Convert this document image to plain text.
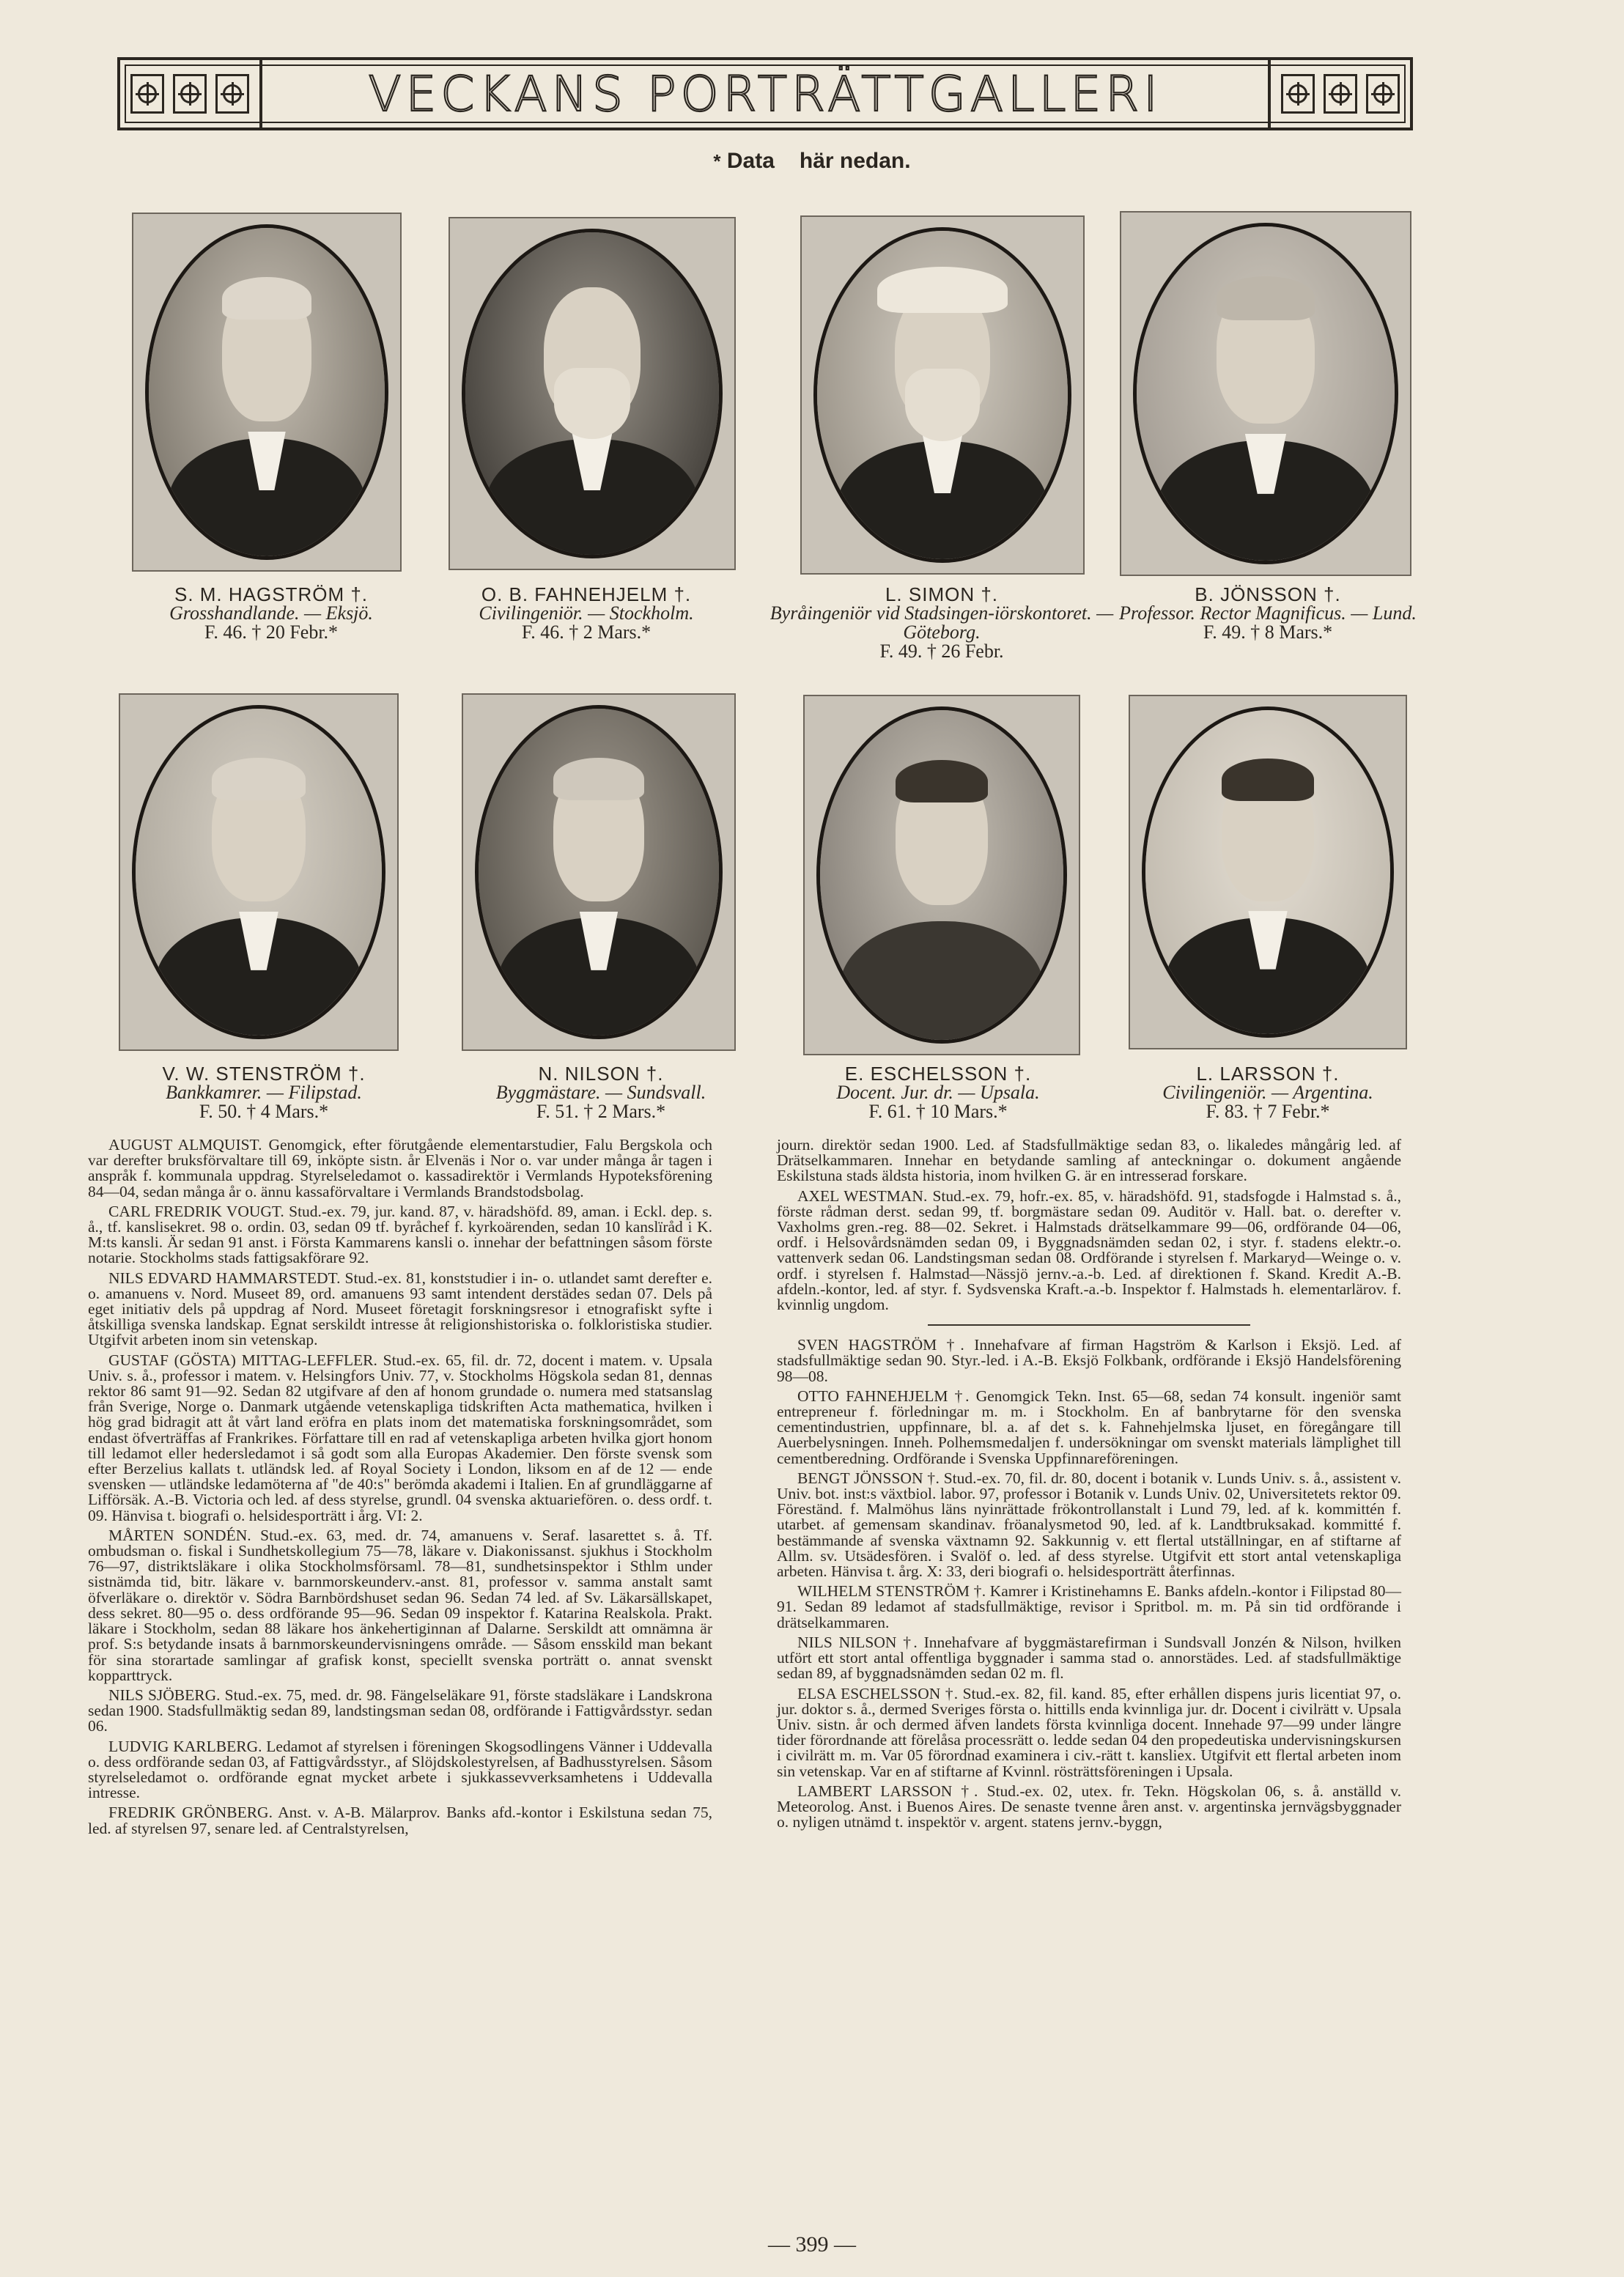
VECKANS PORTRÄTTGALLERI
* Data här nedan.
S. M. HAGSTRÖM †.
Grosshandlande. — Eksjö.
F. 46. † 20 Febr.*
O. B. FAHNEHJELM †.
Civilingeniör. — Stockholm.
F. 46. † 2 Mars.*
L. SIMON †.
Byråingeniör vid Stadsingen-iörskontoret. — Göteborg.
F. 49. † 26 Febr.
B. JÖNSSON †.
Professor. Rector Magnificus. — Lund.
F. 49. † 8 Mars.*
V. W. STENSTRÖM †.
Bankkamrer. — Filipstad.
F. 50. † 4 Mars.*
N. NILSON †.
Byggmästare. — Sundsvall.
F. 51. † 2 Mars.*
E. ESCHELSSON †.
Docent. Jur. dr. — Upsala.
F. 61. † 10 Mars.*
L. LARSSON †.
Civilingeniör. — Argentina.
F. 83. † 7 Febr.*

AUGUST ALMQUIST. Genomgick, efter förutgående elementarstudier, Falu Bergskola och var derefter bruksförvaltare till 69, inköpte sistn. år Elvenäs i Nor o. var under många år tagen i anspråk f. kommunala uppdrag. Styrelseledamot o. kassadirektör i Vermlands Hypoteksförening 84—04, sedan många år o. ännu kassaförvaltare i Vermlands Brandstodsbolag.

CARL FREDRIK VOUGT. Stud.-ex. 79, jur. kand. 87, v. häradshöfd. 89, aman. i Eckl. dep. s. å., tf. kanslisekret. 98 o. ordin. 03, sedan 09 tf. byråchef f. kyrkoärenden, sedan 10 kanslïråd i K. M:ts kansli. Är sedan 91 anst. i Första Kammarens kansli o. innehar der befattningen såsom förste notarie. Stockholms stads fattigsakförare 92.

NILS EDVARD HAMMARSTEDT. Stud.-ex. 81, konststudier i in- o. utlandet samt derefter e. o. amanuens v. Nord. Museet 89, ord. amanuens 93 samt intendent derstädes sedan 07. Dels på eget initiativ dels på uppdrag af Nord. Museet företagit forskningsresor i etnografiskt syfte i åtskilliga svenska landskap. Egnat serskildt intresse åt religionshistoriska o. folkloristiska studier. Utgifvit arbeten inom sin vetenskap.

GUSTAF (GÖSTA) MITTAG-LEFFLER. Stud.-ex. 65, fil. dr. 72, docent i matem. v. Upsala Univ. s. å., professor i matem. v. Helsingfors Univ. 77, v. Stockholms Högskola sedan 81, dennas rektor 86 samt 91—92. Sedan 82 utgifvare af den af honom grundade o. numera med statsanslag från Sverige, Norge o. Danmark utgående vetenskapliga tidskriften Acta mathematica, hvilken i hög grad bidragit att åt vårt land eröfra en plats inom det matematiska forskningsområdet, som endast öfverträffas af Frankrikes. Författare till en rad af vetenskapliga arbeten hvilka gjort honom till ledamot eller hedersledamot i så godt som alla Europas Akademier. Den förste svensk som efter Berzelius kallats t. utländsk led. af Royal Society i London, liksom en af de 12 — ende svensken — utländske ledamöterna af "de 40:s" berömda akademi i Italien. En af grundläggarne af Lifförsäk. A.-B. Victoria och led. af dess styrelse, grundl. 04 svenska aktuariefören. o. dess ordf. t. 09. Hänvisa t. biografi o. helsidesporträtt i årg. VI: 2.

MÅRTEN SONDÉN. Stud.-ex. 63, med. dr. 74, amanuens v. Seraf. lasarettet s. å. Tf. ombudsman o. fiskal i Sundhetskollegium 75—78, läkare v. Diakonissanst. sjukhus i Stockholm 76—97, distriktsläkare i olika Stockholmsförsaml. 78—81, sundhetsinspektor i Sthlm under sistnämda tid, bitr. läkare v. barnmorskeunderv.-anst. 81, professor v. samma anstalt samt öfverläkare o. direktör v. Södra Barnbördshuset sedan 96. Sedan 74 led. af Sv. Läkarsällskapet, dess sekret. 80—95 o. dess ordförande 95—96. Sedan 09 inspektor f. Katarina Realskola. Prakt. läkare i Stockholm, sedan 88 läkare hos änkehertiginnan af Dalarne. Serskildt att omnämna är prof. S:s betydande insats å barnmorskeundervisningens område. — Såsom ensskild man bekant för sina storartade samlingar af grafisk konst, speciellt svenska porträtt o. annat svenskt kopparttryck.

NILS SJÖBERG. Stud.-ex. 75, med. dr. 98. Fängelseläkare 91, förste stadsläkare i Landskrona sedan 1900. Stadsfullmäktig sedan 89, landstingsman sedan 08, ordförande i Fattigvårdsstyr. sedan 06.

LUDVIG KARLBERG. Ledamot af styrelsen i föreningen Skogsodlingens Vänner i Uddevalla o. dess ordförande sedan 03, af Fattigvårdsstyr., af Slöjdskolestyrelsen, af Badhusstyrelsen. Såsom styrelseledamot o. ordförande egnat mycket arbete i sjukkassevverksamhetens i Uddevalla intresse.

FREDRIK GRÖNBERG. Anst. v. A-B. Mälarprov. Banks afd.-kontor i Eskilstuna sedan 75, led. af styrelsen 97, senare led. af Centralstyrelsen,

journ. direktör sedan 1900. Led. af Stadsfullmäktige sedan 83, o. likaledes mångårig led. af Drätselkammaren. Innehar en betydande samling af anteckningar o. dokument angående Eskilstuna stads äldsta historia, inom hvilken G. är en intresserad forskare.

AXEL WESTMAN. Stud.-ex. 79, hofr.-ex. 85, v. häradshöfd. 91, stadsfogde i Halmstad s. å., förste rådman derst. sedan 99, tf. borgmästare sedan 09. Auditör v. Hall. bat. o. derefter v. Vaxholms gren.-reg. 88—02. Sekret. i Halmstads drätselkammare 99—06, ordförande 04—06, ordf. i Helsovårdsnämden sedan 09, i Byggnadsnämden sedan 02, i styr. f. stadens elektr.-o. vattenverk sedan 06. Landstingsman sedan 08. Ordförande i styrelsen f. Markaryd—Weinge o. v. ordf. i styrelsen f. Halmstad—Nässjö jernv.-a.-b. Led. af direktionen f. Skand. Kredit A.-B. afdeln.-kontor, led. af styr. f. Sydsvenska Kraft.-a.-b. Inspektor f. Halmstads h. elementarlärov. f. kvinnlig ungdom.

SVEN HAGSTRÖM †. Innehafvare af firman Hagström & Karlson i Eksjö. Led. af stadsfullmäktige sedan 90. Styr.-led. i A.-B. Eksjö Folkbank, ordförande i Eksjö Handelsförening 98—08.

OTTO FAHNEHJELM †. Genomgick Tekn. Inst. 65—68, sedan 74 konsult. ingeniör samt entreprenеur f. förledningar m. m. i Stockholm. En af banbrytarne för den svenska cementindustrien, uppfinnare, bl. a. af det s. k. Fahnehjelmska ljuset, en föregångare till Auerbelysningen. Inneh. Polhemsmedaljen f. undersökningar om svenskt materials lämplighet till cementberedning. Ordförande i Svenska Uppfinnareföreningen.

BENGT JÖNSSON †. Stud.-ex. 70, fil. dr. 80, docent i botanik v. Lunds Univ. s. å., assistent v. Univ. bot. inst:s växtbiol. labor. 97, professor i Botanik v. Lunds Univ. 02, Universitetets rektor 09. Föreständ. f. Malmöhus läns nyinrättade frökontrollanstalt i Lund 79, led. af k. kommittén f. utarbet. af gemensam skandinav. fröanalysmetod 90, led. af k. Landtbruksakad. kommitté f. bestämmande af svenska växtnamn 92. Sakkunnig v. ett flertal utställningar, en af stiftarne af Allm. sv. Utsädesfören. i Svalöf o. led. af dess styrelse. Utgifvit ett stort antal vetenskapliga arbeten. Hänvisa t. årg. X: 33, deri biografi o. helsidesporträtt återfinnas.

WILHELM STENSTRÖM †. Kamrer i Kristinehamns E. Banks afdeln.-kontor i Filipstad 80—91. Sedan 89 ledamot af stadsfullmäktige, revisor i Spritbol. m. m. På sin tid ordförande i drätselkammaren.

NILS NILSON †. Innehafvare af byggmästarefirman i Sundsvall Jonzén & Nilson, hvilken utfört ett stort antal offentliga byggnader i samma stad o. annorstädes. Led. af stadsfullmäktige sedan 89, af byggnadsnämden sedan 02 m. fl.

ELSA ESCHELSSON †. Stud.-ex. 82, fil. kand. 85, efter erhållen dispens juris licentiat 97, o. jur. doktor s. å., dermed Sveriges första o. hittills enda kvinnliga jur. dr. Docent i civilrätt v. Upsala Univ. sistn. år och dermed äfven landets första kvinnliga docent. Innehade 97—99 under längre tider förordnande att förelåsa processrätt o. ledde sedan 04 den propedeutiska undervisningskursen i civilrätt m. m. Var 05 förordnad examinera i civ.-rätt t. kansliex. Utgifvit ett flertal arbeten inom sin vetenskap. Var en af stiftarne af Kvinnl. rösträttsföreningen i Upsala.

LAMBERT LARSSON †. Stud.-ex. 02, utex. fr. Tekn. Högskolan 06, s. å. anställd v. Meteorolog. Anst. i Buenos Aires. De senaste tvenne åren anst. v. argentinska jernvägsbyggnader o. nyligen utnämd t. inspektör v. argent. statens jernv.-byggn,

— 399 —
